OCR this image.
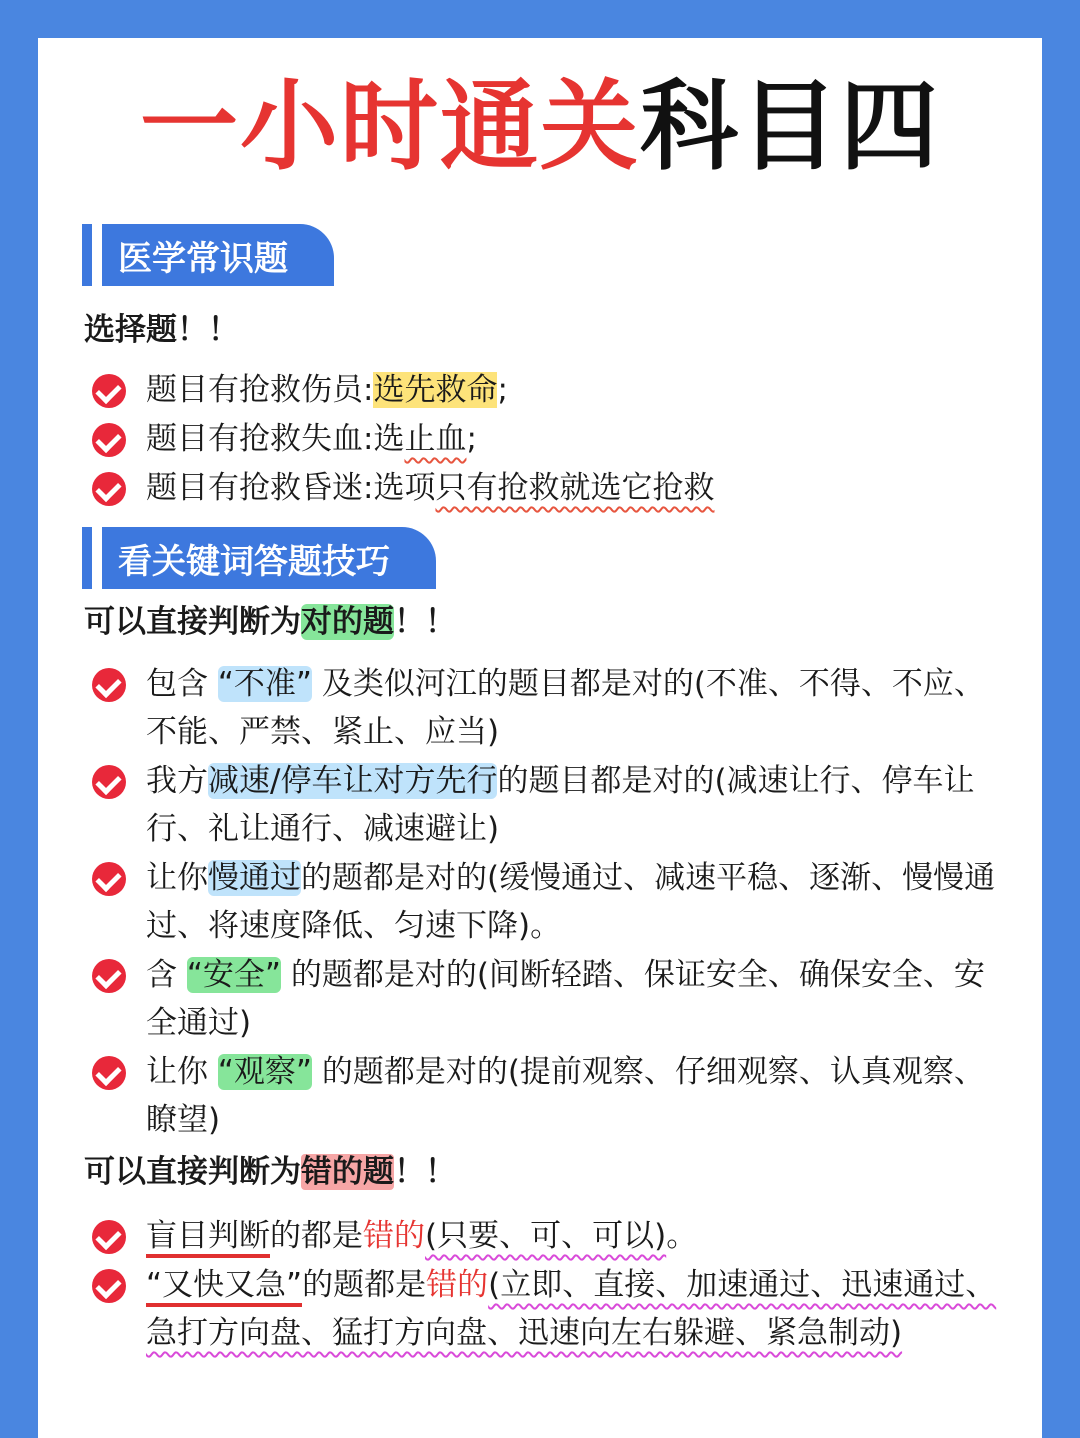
一小时通关科目四
医学常识题
选择题！！
题目有抢救伤员:选先救命;
题目有抢救失血:选止血;
题目有抢救昏迷:选项只有抢救就选它抢救
看关键词答题技巧
可以直接判断为对的题！！
包含 “不准” 及类似河江的题目都是对的(不准、不得、不应、不能、严禁、紧止、应当)
我方减速/停车让对方先行的题目都是对的(减速让行、停车让行、礼让通行、减速避让)
让你慢通过的题都是对的(缓慢通过、减速平稳、逐渐、慢慢通过、将速度降低、匀速下降)。
含 “安全” 的题都是对的(间断轻踏、保证安全、确保安全、安全通过)
让你 “观察” 的题都是对的(提前观察、仔细观察、认真观察、瞭望)
可以直接判断为错的题！！
盲目判断的都是错的(只要、可、可以)。
“又快又急”的题都是错的(立即、直接、加速通过、迅速通过、急打方向盘、猛打方向盘、迅速向左右躲避、紧急制动)
